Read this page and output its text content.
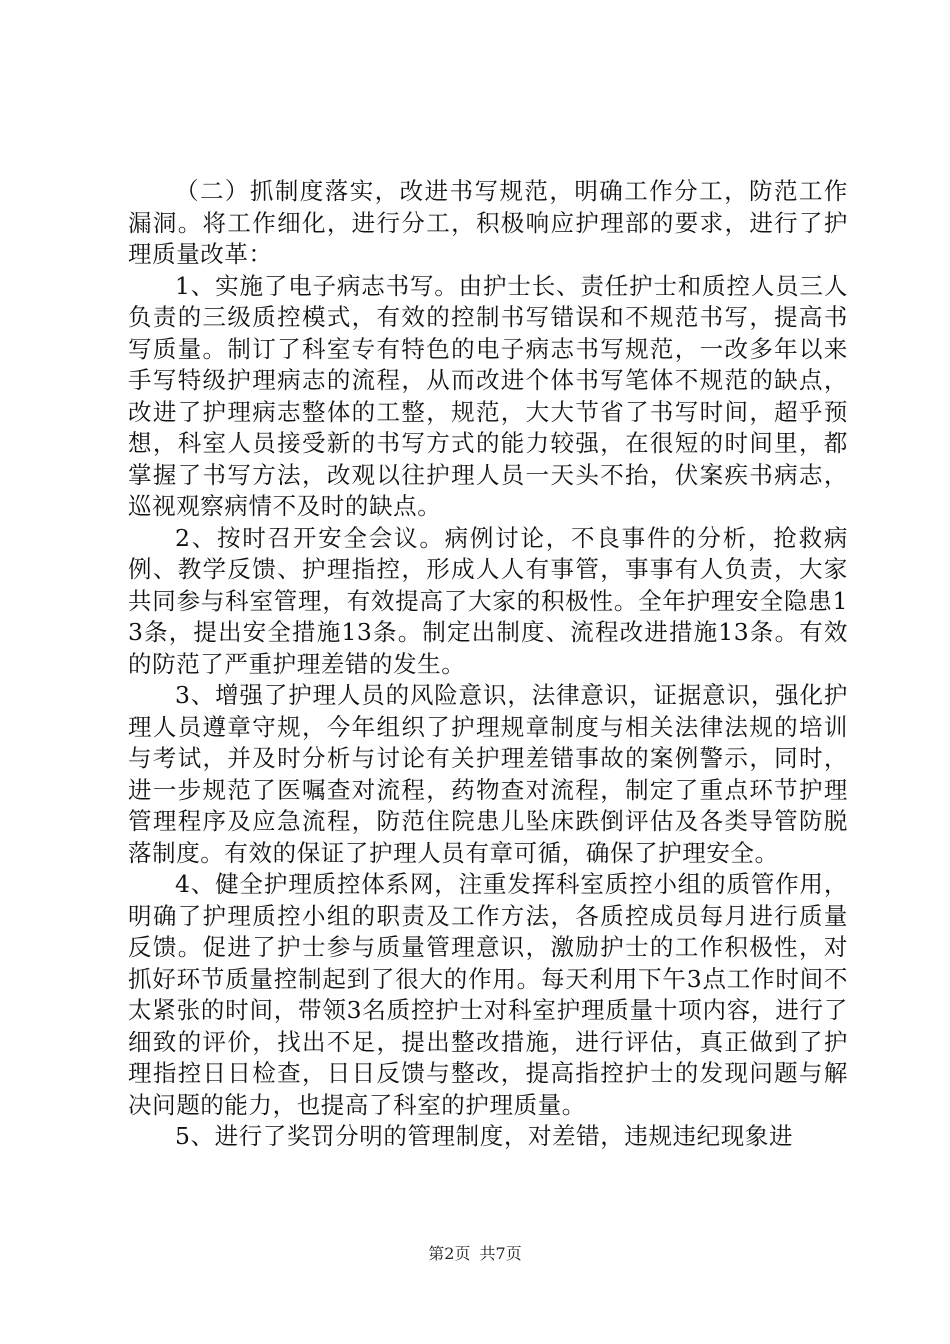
（二）抓制度落实，改进书写规范，明确工作分工，防范工作漏洞。将工作细化，进行分工，积极响应护理部的要求，进行了护理质量改革：

1、实施了电子病志书写。由护士长、责任护士和质控人员三人负责的三级质控模式，有效的控制书写错误和不规范书写，提高书写质量。制订了科室专有特色的电子病志书写规范，一改多年以来手写特级护理病志的流程，从而改进个体书写笔体不规范的缺点，改进了护理病志整体的工整，规范，大大节省了书写时间，超乎预想，科室人员接受新的书写方式的能力较强，在很短的时间里，都掌握了书写方法，改观以往护理人员一天头不抬，伏案疾书病志，巡视观察病情不及时的缺点。

2、按时召开安全会议。病例讨论，不良事件的分析，抢救病例、教学反馈、护理指控，形成人人有事管，事事有人负责，大家共同参与科室管理，有效提高了大家的积极性。全年护理安全隐患13条，提出安全措施13条。制定出制度、流程改进措施13条。有效的防范了严重护理差错的发生。

3、增强了护理人员的风险意识，法律意识，证据意识，强化护理人员遵章守规，今年组织了护理规章制度与相关法律法规的培训与考试，并及时分析与讨论有关护理差错事故的案例警示，同时，进一步规范了医嘱查对流程，药物查对流程，制定了重点环节护理管理程序及应急流程，防范住院患儿坠床跌倒评估及各类导管防脱落制度。有效的保证了护理人员有章可循，确保了护理安全。

4、健全护理质控体系网，注重发挥科室质控小组的质管作用，明确了护理质控小组的职责及工作方法，各质控成员每月进行质量反馈。促进了护士参与质量管理意识，激励护士的工作积极性，对抓好环节质量控制起到了很大的作用。每天利用下午3点工作时间不太紧张的时间，带领3名质控护士对科室护理质量十项内容，进行了细致的评价，找出不足，提出整改措施，进行评估，真正做到了护理指控日日检查，日日反馈与整改，提高指控护士的发现问题与解决问题的能力，也提高了科室的护理质量。

5、进行了奖罚分明的管理制度，对差错，违规违纪现象进

第2页 共7页
